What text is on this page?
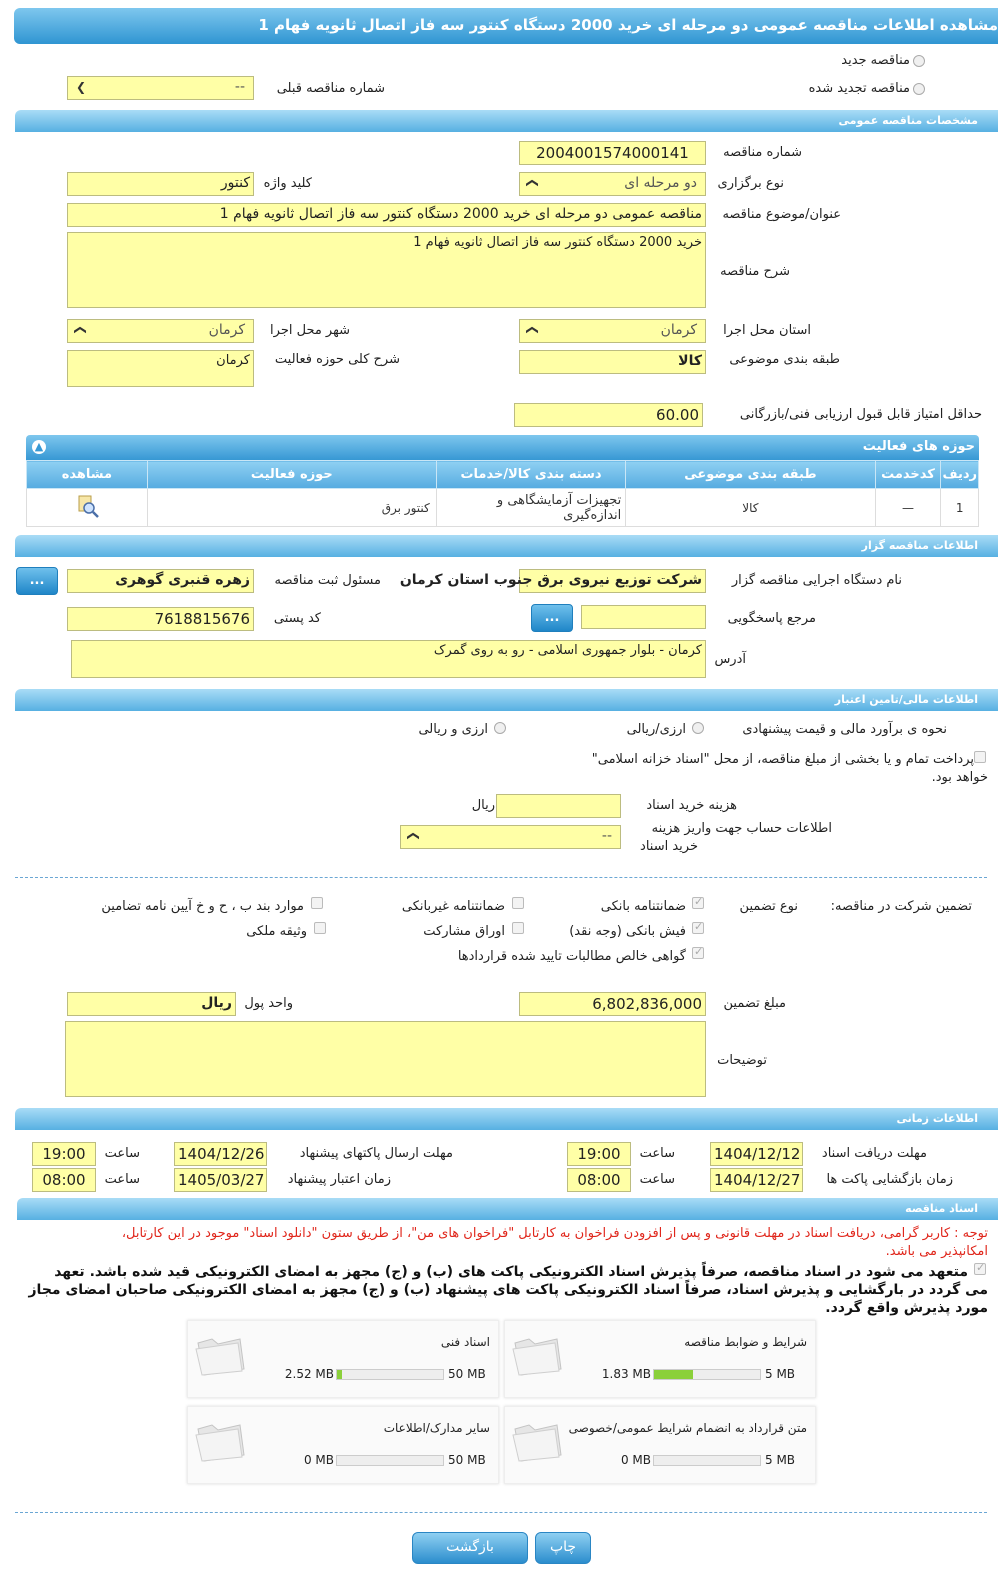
مشاهده اطلاعات مناقصه عمومی دو مرحله ای خرید 2000 دستگاه کنتور سه فاز اتصال ثانویه فهام 1
مناقصه جدید
مناقصه تجدید شده
شماره مناقصه قبلی
--
❯
مشخصات مناقصه عمومی
شماره مناقصه
2004001574000141
نوع برگزاری
دو مرحله ای
❯
کلید واژه
کنتور
عنوان/موضوع مناقصه
مناقصه عمومی دو مرحله ای خرید 2000 دستگاه کنتور سه فاز اتصال ثانویه فهام 1
شرح مناقصه
خرید 2000 دستگاه کنتور سه فاز اتصال ثانویه فهام 1
استان محل اجرا
کرمان
❯
شهر محل اجرا
کرمان
❯
طبقه بندی موضوعی
کالا
شرح کلی حوزه فعالیت
کرمان
حداقل امتیاز قابل قبول ارزیابی فنی/بازرگانی
60.00
حوزه های فعالیت
▲
ردیف	کدخدمت	طبقه بندی موضوعی	دسته بندی کالا/خدمات	حوزه فعالیت	مشاهده
1	—	کالا	تجهیزات آزمایشگاهی و اندازه‌گیری	کنتور برق	
اطلاعات مناقصه گزار
نام دستگاه اجرایی مناقصه گزار
شرکت توزیع نیروی برق جنوب استان کرمان
مسئول ثبت مناقصه
زهره قنبری گوهری
...
مرجع پاسخگویی
...
کد پستی
7618815676
آدرس
کرمان - بلوار جمهوری اسلامی - رو به روی گمرک
اطلاعات مالی/تامین اعتبار
نحوه ی برآورد مالی و قیمت پیشنهادی
ارزی/ریالی
ارزی و ریالی
پرداخت تمام و یا بخشی از مبلغ مناقصه، از محل "اسناد خزانه اسلامی"
خواهد بود.
هزینه خرید اسناد
ریال
اطلاعات حساب جهت واریز هزینه
خرید اسناد
--
❯
تضمین شرکت در مناقصه:
نوع تضمین
✓
ضمانتنامه بانکی
ضمانتنامه غیربانکی
موارد بند ب ، ح و خ آیین نامه تضامین
✓
فیش بانکی (وجه نقد)
اوراق مشارکت
وثیقه ملکی
✓
گواهی خالص مطالبات تایید شده قراردادها
مبلغ تضمین
6,802,836,000
واحد پول
ریال
توضیحات
اطلاعات زمانی
مهلت دریافت اسناد
1404/12/12
ساعت
19:00
مهلت ارسال پاکتهای پیشنهاد
1404/12/26
ساعت
19:00
زمان بازگشایی پاکت ها
1404/12/27
ساعت
08:00
زمان اعتبار پیشنهاد
1405/03/27
ساعت
08:00
اسناد مناقصه
توجه : کاربر گرامی، دریافت اسناد در مهلت قانونی و پس از افزودن فراخوان به کارتابل "فراخوان های من"، از طریق ستون "دانلود اسناد" موجود در این کارتابل،
امکانپذیر می باشد.
✓
متعهد می شود در اسناد مناقصه، صرفاً پذیرش اسناد الکترونیکی پاکت های (ب) و (ج) مجهز به امضای الکترونیکی قید شده باشد. تعهد
می گردد در بارگشایی و پذیرش اسناد، صرفاً اسناد الکترونیکی پاکت های پیشنهاد (ب) و (ج) مجهز به امضای الکترونیکی صاحبان امضای مجاز
مورد پذیرش واقع گردد.
شرایط و ضوابط مناقصه
1.83 MB	5 MB
اسناد فنی
2.52 MB	50 MB
متن قرارداد به انضمام شرایط عمومی/خصوصی
0 MB	5 MB
سایر مدارک/اطلاعات
0 MB	50 MB
چاپ
بازگشت
